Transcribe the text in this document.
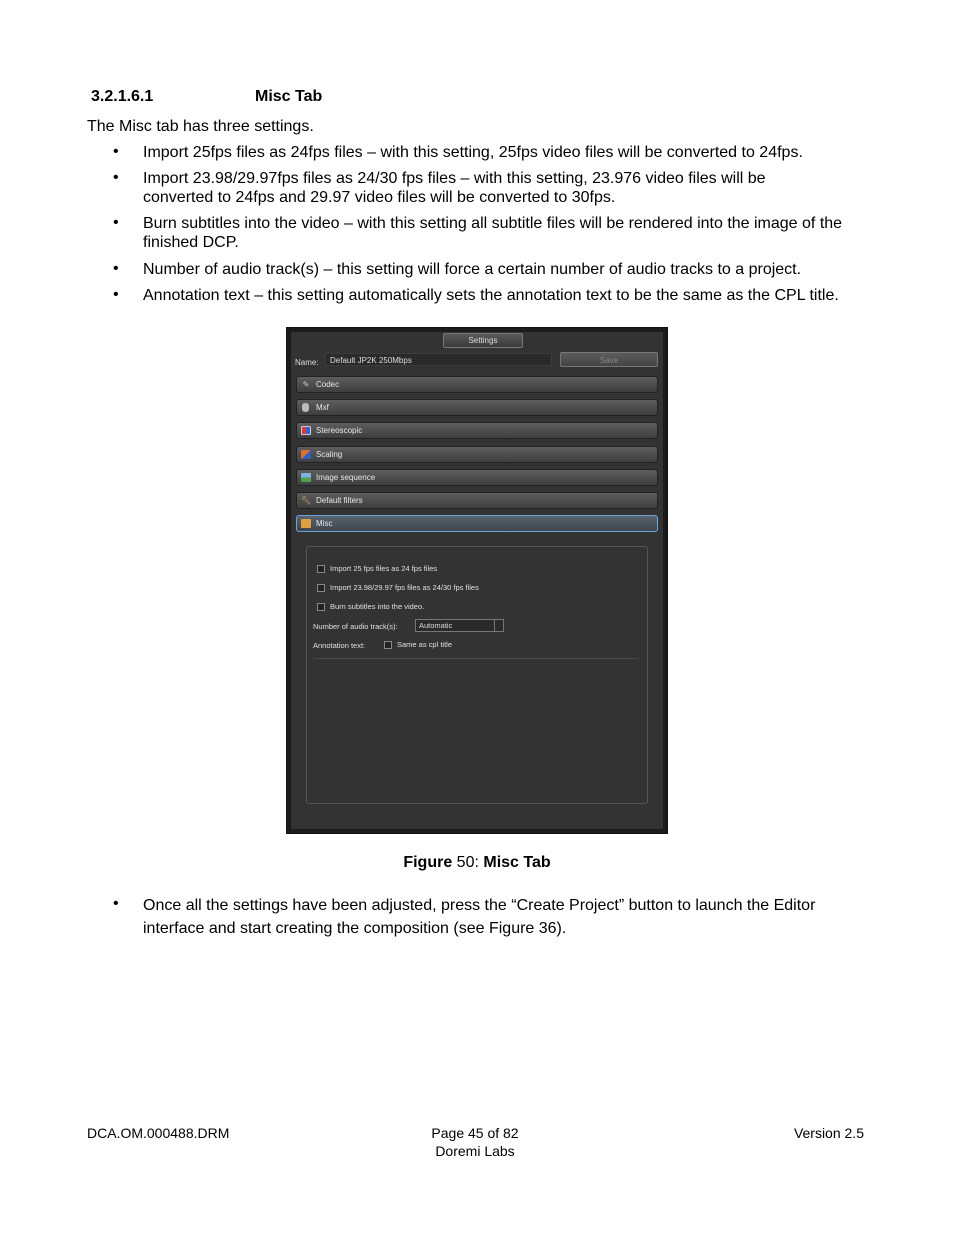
3.2.1.6.1	Misc Tab
The Misc tab has three settings.
• Import 25fps files as 24fps files – with this setting, 25fps video files will be converted to 24fps.
• Import 23.98/29.97fps files as 24/30 fps files – with this setting, 23.976 video files will be converted to 24fps and 29.97 video files will be converted to 30fps.
• Burn subtitles into the video – with this setting all subtitle files will be rendered into the image of the finished DCP.
• Number of audio track(s) – this setting will force a certain number of audio tracks to a project.
• Annotation text – this setting automatically sets the annotation text to be the same as the CPL title.
Settings
Name:	Default JP2K 250Mbps	Save
✎ Codec
Mxf
Stereoscopic
Scaling
Image sequence
🔧︎ Default filters
Misc
Import 25 fps files as 24 fps files
Import 23.98/29.97 fps files as 24/30 fps files
Burn subtitles into the video.
Number of audio track(s):	Automatic
Annotation text:	Same as cpl title
Figure 50: Misc Tab
• Once all the settings have been adjusted, press the “Create Project” button to launch the Editor interface and start creating the composition (see Figure 36).
DCA.OM.000488.DRM	Page 45 of 82
Doremi Labs
Version 2.5
